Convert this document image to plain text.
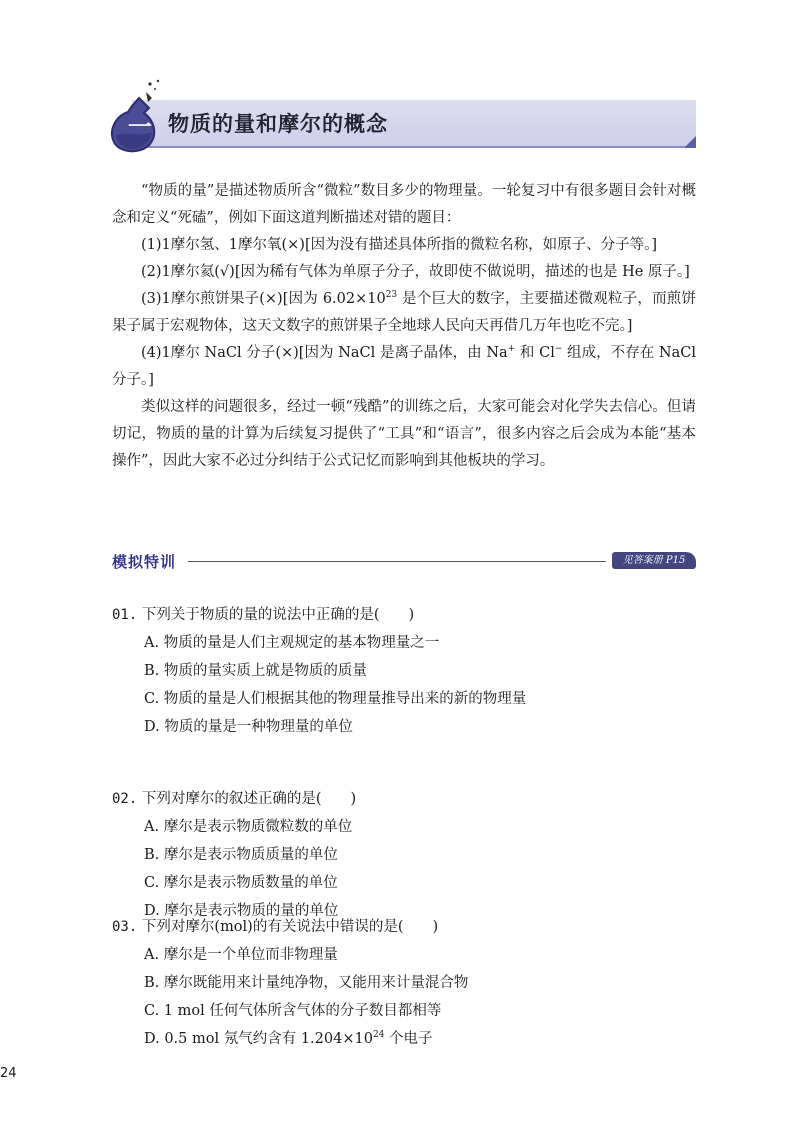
一 物质的量和摩尔的概念

“物质的量”是描述物质所含“微粒”数目多少的物理量。一轮复习中有很多题目会针对概念和定义“死磕”，例如下面这道判断描述对错的题目：

(1)1摩尔氢、1摩尔氧(×)[因为没有描述具体所指的微粒名称，如原子、分子等。]

(2)1摩尔氦(√)[因为稀有气体为单原子分子，故即使不做说明，描述的也是 He 原子。]

(3)1摩尔煎饼果子(×)[因为 $6.02\times 10^{23}$ 是个巨大的数字，主要描述微观粒子，而煎饼果子属于宏观物体，这天文数字的煎饼果子全地球人民向天再借几万年也吃不完。]

(4)1摩尔 NaCl 分子(×)[因为 NaCl 是离子晶体，由 Na+ 和 Cl− 组成，不存在 NaCl 分子。]

类似这样的问题很多，经过一顿“残酷”的训练之后，大家可能会对化学失去信心。但请切记，物质的量的计算为后续复习提供了“工具”和“语言”，很多内容之后会成为本能“基本操作”，因此大家不必过分纠结于公式记忆而影响到其他板块的学习。

模拟特训	见答案册 P15
01. 下列关于物质的量的说法中正确的是(　　)
A. 物质的量是人们主观规定的基本物理量之一
B. 物质的量实质上就是物质的质量
C. 物质的量是人们根据其他的物理量推导出来的新的物理量
D. 物质的量是一种物理量的单位
02. 下列对摩尔的叙述正确的是(　　)
A. 摩尔是表示物质微粒数的单位
B. 摩尔是表示物质质量的单位
C. 摩尔是表示物质数量的单位
D. 摩尔是表示物质的量的单位
03. 下列对摩尔(mol)的有关说法中错误的是(　　)
A. 摩尔是一个单位而非物理量
B. 摩尔既能用来计量纯净物，又能用来计量混合物
C. 1 mol 任何气体所含气体的分子数目都相等
D. 0.5 mol 氖气约含有 $1.204\times 10^{24}$ 个电子
24
